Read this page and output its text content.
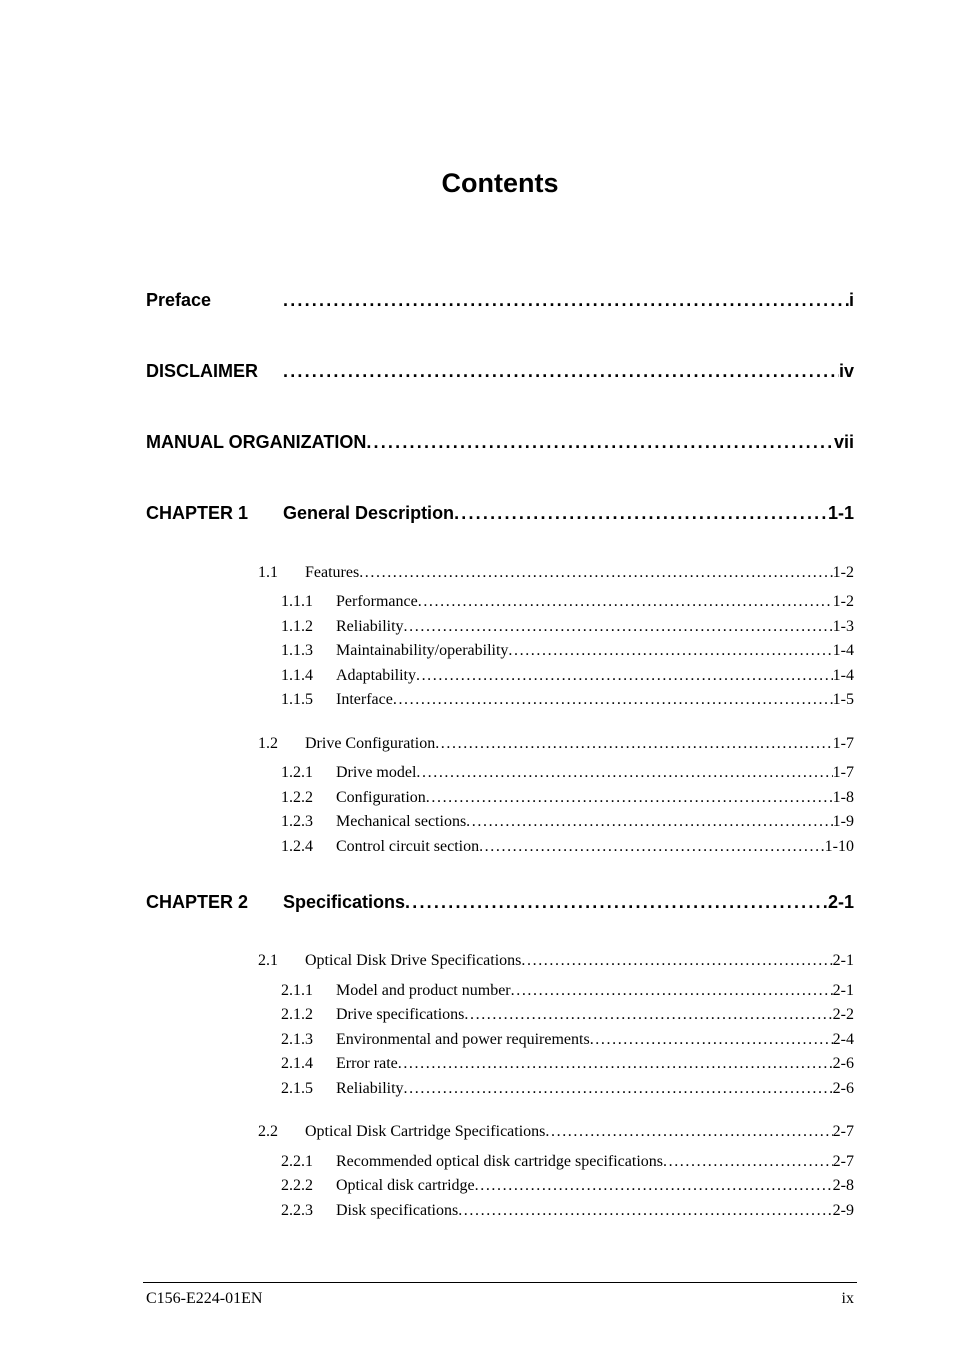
Contents
Preface . . .	i
DISCLAIMER . . .	iv
MANUAL ORGANIZATION . . .	vii
CHAPTER 1	General Description . . .	1-1
1.1	Features . . .	1-2
1.1.1	Performance . . .	1-2
1.1.2	Reliability . . .	1-3
1.1.3	Maintainability/operability . . .	1-4
1.1.4	Adaptability . . .	1-4
1.1.5	Interface . . .	1-5
1.2	Drive Configuration . . .	1-7
1.2.1	Drive model . . .	1-7
1.2.2	Configuration . . .	1-8
1.2.3	Mechanical sections . . .	1-9
1.2.4	Control circuit section . . .	1-10
CHAPTER 2	Specifications . . .	2-1
2.1	Optical Disk Drive Specifications . . .	2-1
2.1.1	Model and product number . . .	2-1
2.1.2	Drive specifications . . .	2-2
2.1.3	Environmental and power requirements . . .	2-4
2.1.4	Error rate . . .	2-6
2.1.5	Reliability . . .	2-6
2.2	Optical Disk Cartridge Specifications . . .	2-7
2.2.1	Recommended optical disk cartridge specifications . . .	2-7
2.2.2	Optical disk cartridge . . .	2-8
2.2.3	Disk specifications . . .	2-9
C156-E224-01EN	ix
